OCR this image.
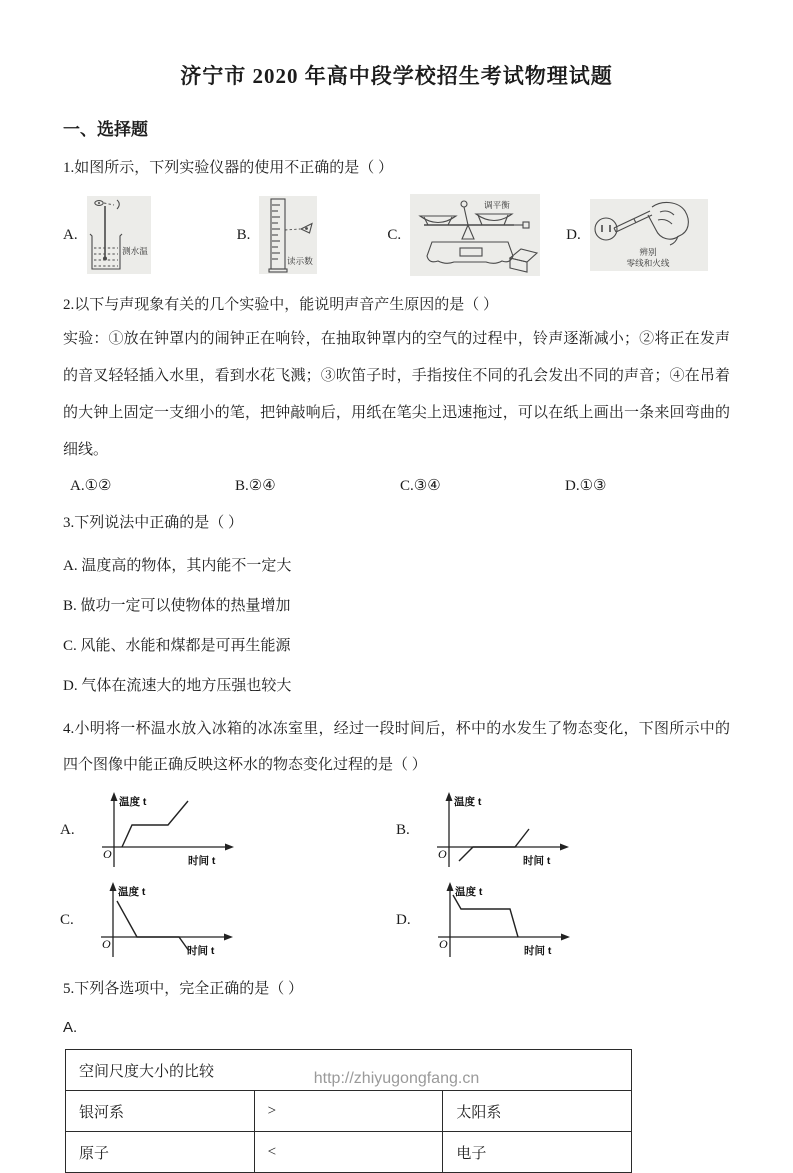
济宁市 2020 年高中段学校招生考试物理试题
一、选择题
1.如图所示，下列实验仪器的使用不正确的是（ ）
A.
测水温
B.
读示数
C.
调平衡
D.
辨别
零线和火线
2.以下与声现象有关的几个实验中，能说明声音产生原因的是（ ）
实验：①放在钟罩内的闹钟正在响铃，在抽取钟罩内的空气的过程中，铃声逐渐减小；②将正在发声的音叉轻轻插入水里，看到水花飞溅；③吹笛子时，手指按住不同的孔会发出不同的声音；④在吊着的大钟上固定一支细小的笔，把钟敲响后，用纸在笔尖上迅速拖过，可以在纸上画出一条来回弯曲的细线。
A.①②	B.②④	C.③④	D.①③
3.下列说法中正确的是（ ）
A. 温度高的物体，其内能不一定大
B. 做功一定可以使物体的热量增加
C. 风能、水能和煤都是可再生能源
D. 气体在流速大的地方压强也较大
4.小明将一杯温水放入冰箱的冰冻室里，经过一段时间后，杯中的水发生了物态变化，下图所示中的四个图像中能正确反映这杯水的物态变化过程的是（ ）
A.
O
温度 t
时间 t
B.
O
温度 t
时间 t
C.
O
温度 t
时间 t
D.
O
温度 t
时间 t
5.下列各选项中，完全正确的是（ ）
A.
空间尺度大小的比较		
银河系	>	太阳系
原子	<	电子
http://zhiyugongfang.cn
